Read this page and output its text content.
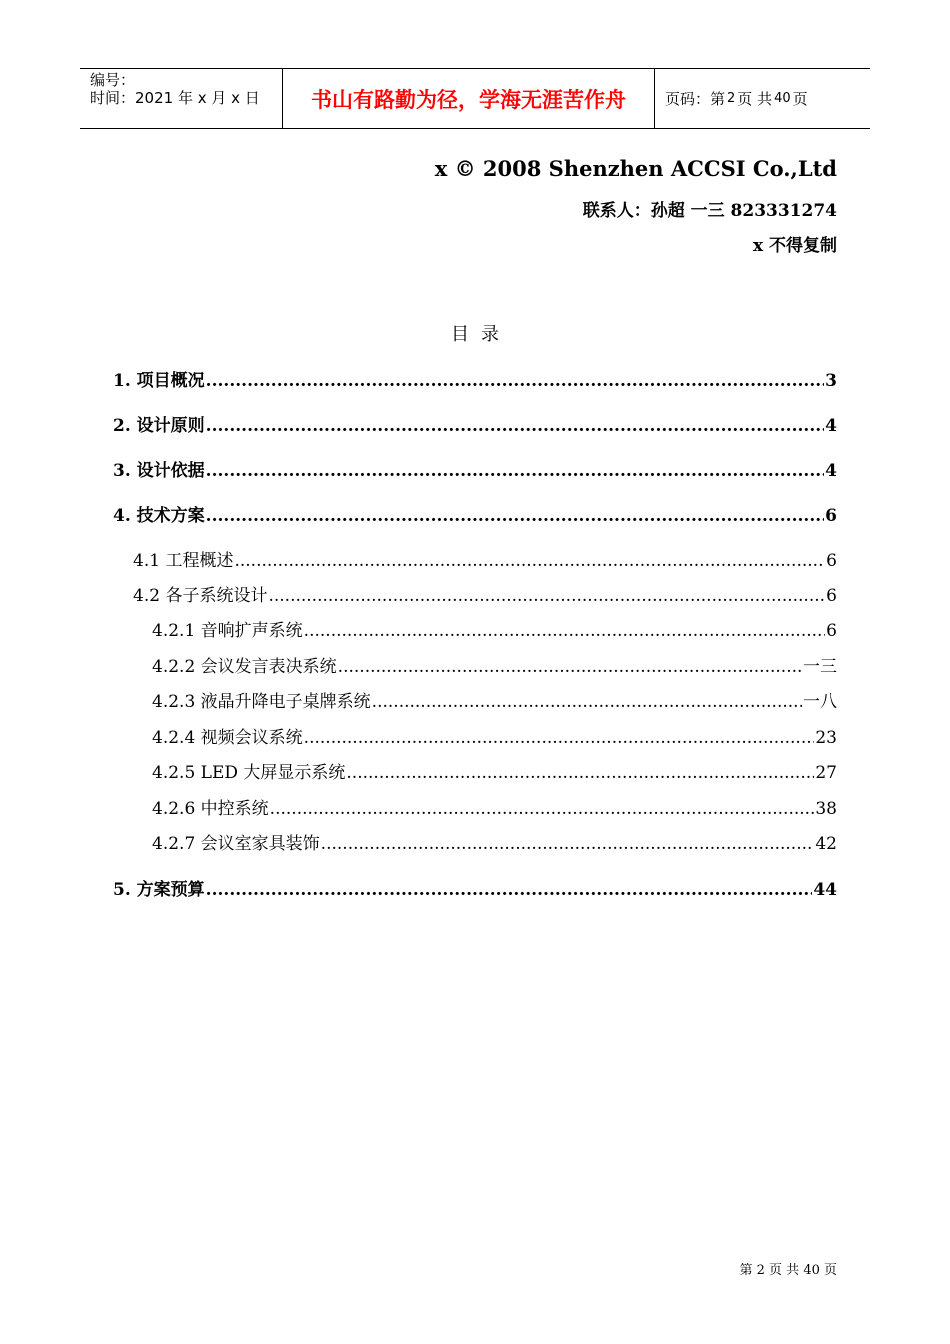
编号：
时间：2021 年 x 月 x 日	书山有路勤为径，学海无涯苦作舟	页码：第 2 页 共 40 页
x © 2008 Shenzhen ACCSI Co.,Ltd
联系人：孙超 一三 823331274
x 不得复制
目录
1. 项目概况 .....	3
2. 设计原则 .....	4
3. 设计依据 .....	4
4. 技术方案 .....	6
4.1 工程概述 .....	6
4.2 各子系统设计 .....	6
4.2.1 音响扩声系统 .....	6
4.2.2 会议发言表决系统 .....	一三
4.2.3 液晶升降电子桌牌系统 .....	一八
4.2.4 视频会议系统 .....	23
4.2.5 LED 大屏显示系统 .....	27
4.2.6 中控系统 .....	38
4.2.7 会议室家具装饰 .....	42
5. 方案预算 .....	44
第 2 页 共 40 页
